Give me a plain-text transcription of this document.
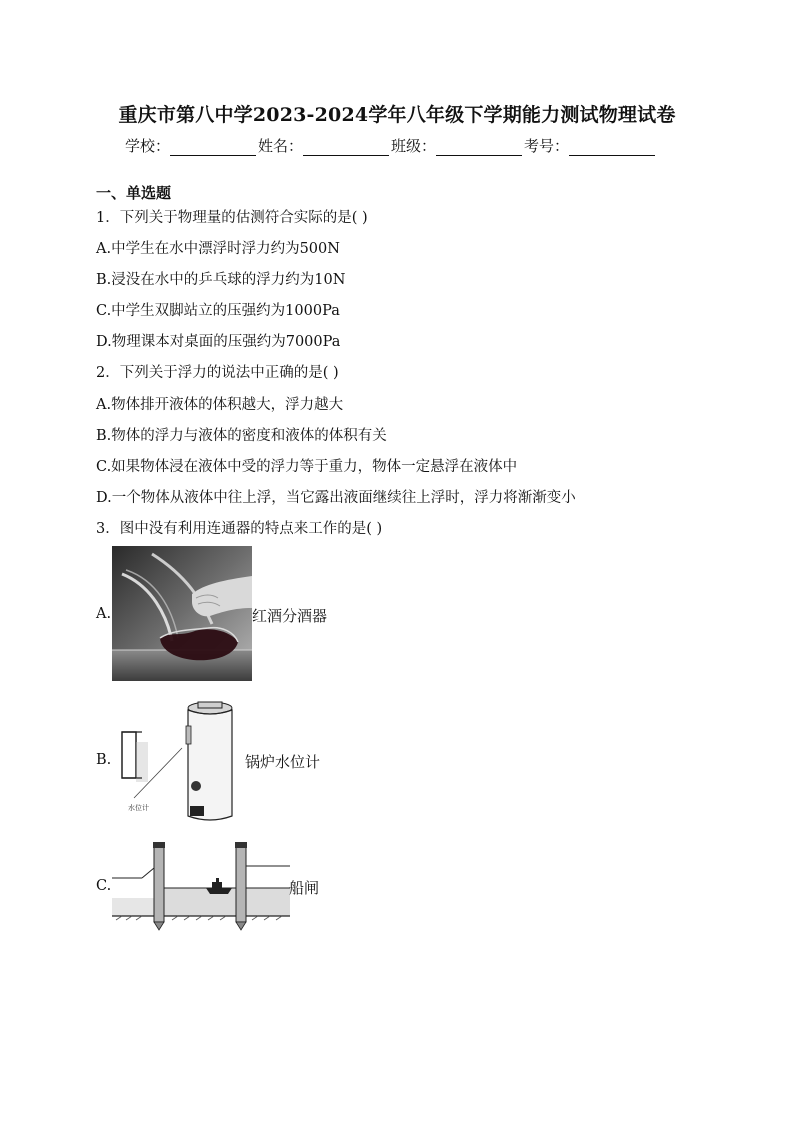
重庆市第八中学2023-2024学年八年级下学期能力测试物理试卷
学校：	姓名：	班级：	考号：
一、单选题
1．下列关于物理量的估测符合实际的是( )
A.中学生在水中漂浮时浮力约为500N
B.浸没在水中的乒乓球的浮力约为10N
C.中学生双脚站立的压强约为1000Pa
D.物理课本对桌面的压强约为7000Pa
2．下列关于浮力的说法中正确的是( )
A.物体排开液体的体积越大，浮力越大
B.物体的浮力与液体的密度和液体的体积有关
C.如果物体浸在液体中受的浮力等于重力，物体一定悬浮在液体中
D.一个物体从液体中往上浮，当它露出液面继续往上浮时，浮力将渐渐变小
3．图中没有利用连通器的特点来工作的是( )
A.	红酒分酒器
B.
水位计
锅炉水位计
C.	船闸
